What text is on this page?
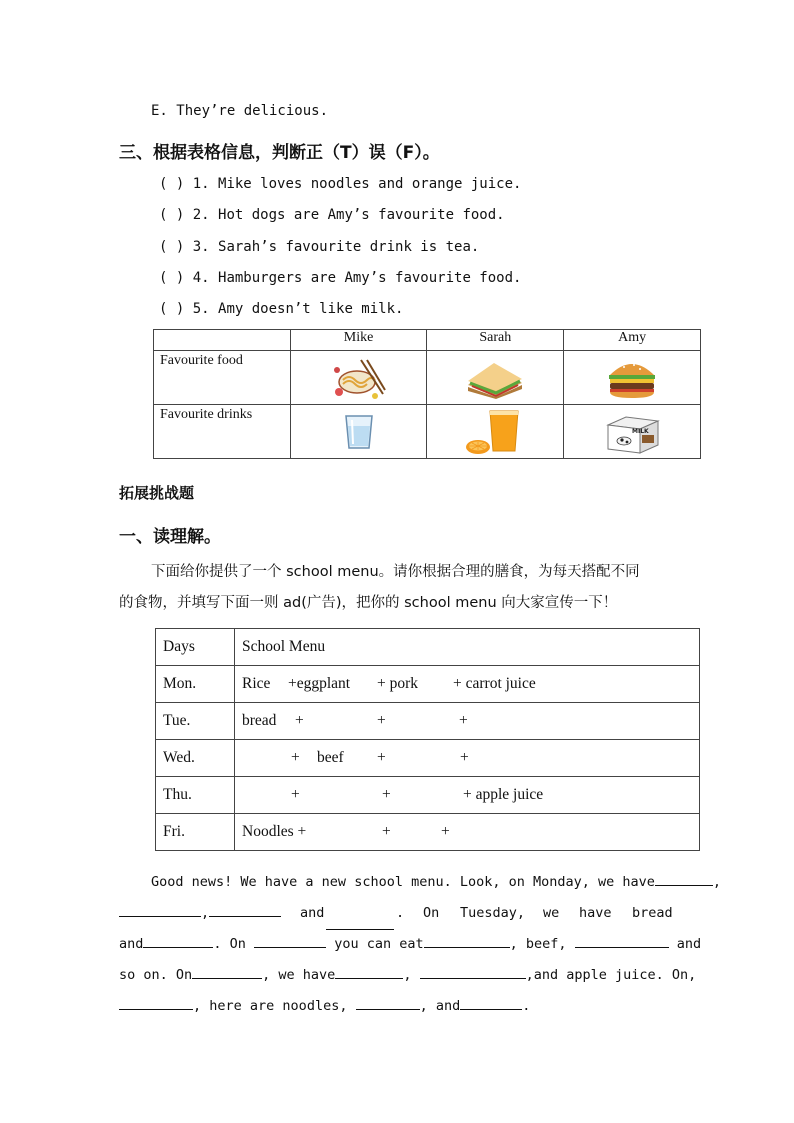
E. They’re delicious.
三、根据表格信息，判断正（T）误（F）。
( ) 1. Mike loves noodles and orange juice.
( ) 2. Hot dogs are Amy’s favourite food.
( ) 3. Sarah’s favourite drink is tea.
( ) 4. Hamburgers are Amy’s favourite food.
( ) 5. Amy doesn’t like milk.
	Mike	Sarah	Amy
Favourite food	

Favourite drinks			MILK
拓展挑战题
一、读理解。
下面给你提供了一个 school menu。请你根据合理的膳食，为每天搭配不同
的食物，并填写下面一则 ad(广告)，把你的 school menu 向大家宣传一下！
Days	School Menu
Mon.	Rice +eggplant + pork + carrot juice

Tue.	bread + + +

Wed.	+ beef + +

Thu.	+ + + apple juice

Fri.	Noodles + + +
Good news! We have a new school menu. Look, on Monday, we have	,
,	and	. On Tuesday, we have bread
and	. On	you can eat	, beef,	and
so on. On	, we have	,	,and apple juice. On,
, here are noodles,	, and	.
